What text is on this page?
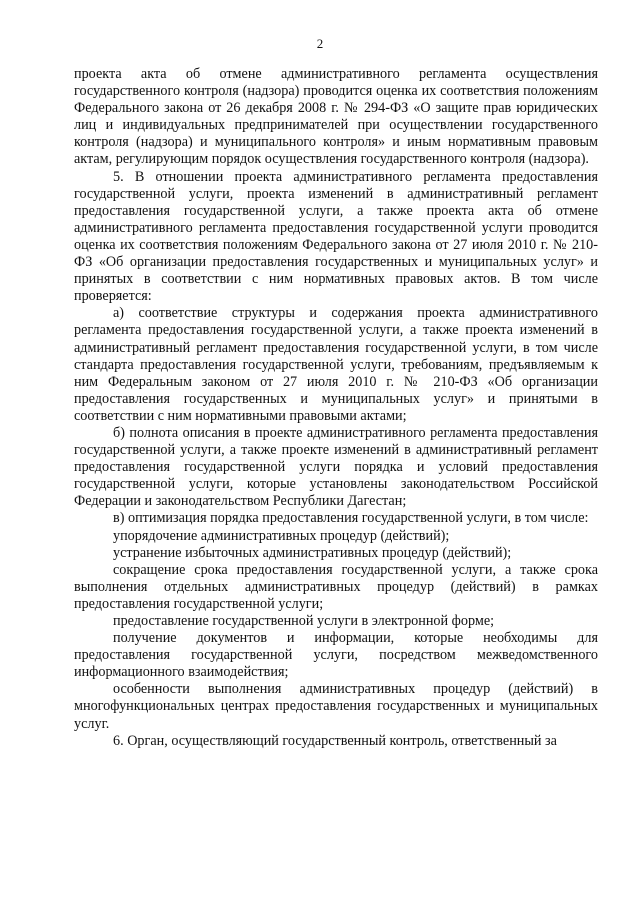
2

проекта акта об отмене административного регламента осуществления государственного контроля (надзора) проводится оценка их соответствия положениям Федерального закона от 26 декабря 2008 г. № 294-ФЗ «О защите прав юридических лиц и индивидуальных предпринимателей при осуществлении государственного контроля (надзора) и муниципального контроля» и иным нормативным правовым актам, регулирующим порядок осуществления государственного контроля (надзора).

5. В отношении проекта административного регламента предоставления государственной услуги, проекта изменений в административный регламент предоставления государственной услуги, а также проекта акта об отмене административного регламента предоставления государственной услуги проводится оценка их соответствия положениям Федерального закона от 27 июля 2010 г. № 210-ФЗ «Об организации предоставления государственных и муниципальных услуг» и принятых в соответствии с ним нормативных правовых актов. В том числе проверяется:

а) соответствие структуры и содержания проекта административного регламента предоставления государственной услуги, а также проекта изменений в административный регламент предоставления государственной услуги, в том числе стандарта предоставления государственной услуги, требованиям, предъявляемым к ним Федеральным законом от 27 июля 2010 г. № 210-ФЗ «Об организации предоставления государственных и муниципальных услуг» и принятыми в соответствии с ним нормативными правовыми актами;

б) полнота описания в проекте административного регламента предоставления государственной услуги, а также проекте изменений в административный регламент предоставления государственной услуги порядка и условий предоставления государственной услуги, которые установлены законодательством Российской Федерации и законодательством Республики Дагестан;

в) оптимизация порядка предоставления государственной услуги, в том числе:

упорядочение административных процедур (действий);

устранение избыточных административных процедур (действий);

сокращение срока предоставления государственной услуги, а также срока выполнения отдельных административных процедур (действий) в рамках предоставления государственной услуги;

предоставление государственной услуги в электронной форме;

получение документов и информации, которые необходимы для предоставления государственной услуги, посредством межведомственного информационного взаимодействия;

особенности выполнения административных процедур (действий) в многофункциональных центрах предоставления государственных и муниципальных услуг.

6. Орган, осуществляющий государственный контроль, ответственный за
